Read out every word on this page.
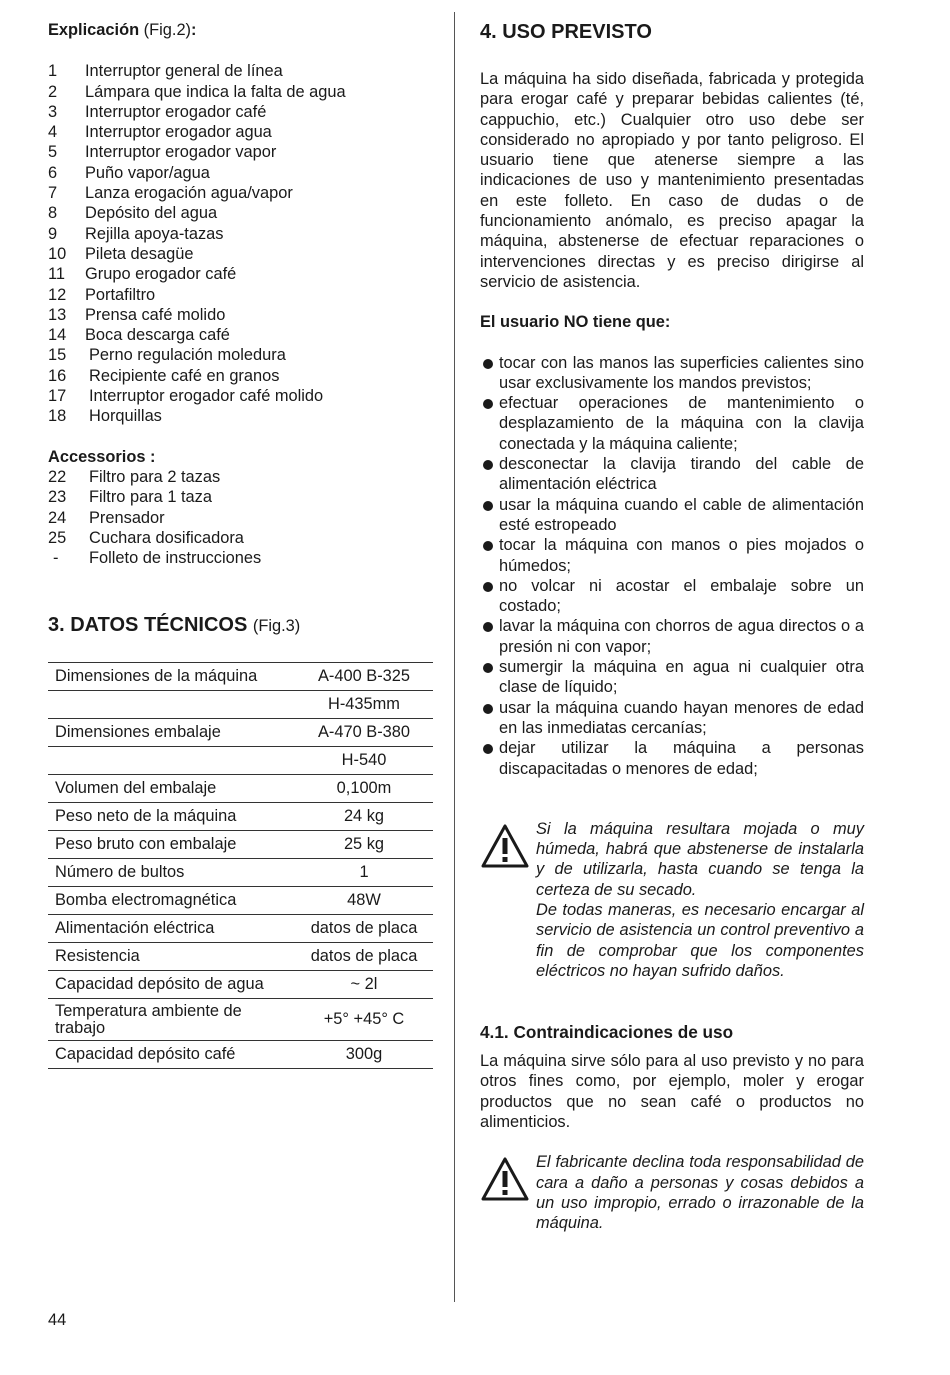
Explicación (Fig.2):

1	Interruptor general de línea
2	Lámpara que indica la falta de agua
3	Interruptor erogador café
4	Interruptor erogador agua
5	Interruptor erogador vapor
6	Puño vapor/agua
7	Lanza erogación agua/vapor
8	Depósito del agua
9	Rejilla apoya-tazas
10	Pileta desagüe
11	Grupo erogador café
12	Portafiltro
13	Prensa café molido
14	Boca descarga café
15	Perno regulación moledura
16	Recipiente café en granos
17	Interruptor erogador café molido
18	Horquillas
Accessorios :
22	Filtro para 2 tazas
23	Filtro para 1 taza
24	Prensador
25	Cuchara dosificadora
-	Folleto de instrucciones
3. DATOS TÉCNICOS (Fig.3)
Dimensiones de la máquina	A-400 B-325
	H-435mm
Dimensiones embalaje	A-470 B-380
	H-540
Volumen del embalaje	0,100m
Peso neto de la máquina	24 kg
Peso bruto con embalaje	25 kg
Número de bultos	1
Bomba electromagnética	48W
Alimentación eléctrica	datos de placa
Resistencia	datos de placa
Capacidad depósito de agua	~ 2l
Temperatura ambiente de trabajo	+5° +45° C
Capacidad depósito café	300g
4. USO PREVISTO

La máquina ha sido diseñada, fabricada y protegida para erogar café y preparar bebidas calientes (té, cappuchio, etc.) Cualquier otro uso debe ser considerado no apropiado y por tanto peligroso. El usuario tiene que atenerse siempre a las indicaciones de uso y mantenimiento presentadas en este folleto. En caso de dudas o de funcionamiento anómalo, es preciso apagar la máquina, abstenerse de efectuar reparaciones o intervenciones directas y es preciso dirigirse al servicio de asistencia.

El usuario NO tiene que:
tocar con las manos las superficies calientes sino usar exclusivamente los mandos previstos;
efectuar operaciones de mantenimiento o desplazamiento de la máquina con la clavija conectada y la máquina caliente;
desconectar la clavija tirando del cable de alimentación eléctrica
usar la máquina cuando el cable de alimentación esté estropeado
tocar la máquina con manos o pies mojados o húmedos;
no volcar ni acostar el embalaje sobre un costado;
lavar la máquina con chorros de agua directos o a presión ni con vapor;
sumergir la máquina en agua ni cualquier otra clase de líquido;
usar la máquina cuando hayan menores de edad en las inmediatas cercanías;
dejar utilizar la máquina a personas discapacitadas o menores de edad;
Si la máquina resultara mojada o muy húmeda, habrá que abstenerse de instalarla y de utilizarla, hasta cuando se tenga la certeza de su secado.
De todas maneras, es necesario encargar al servicio de asistencia un control preventivo a fin de comprobar que los componentes eléctricos no hayan sufrido daños.
4.1. Contraindicaciones de uso

La máquina sirve sólo para al uso previsto y no para otros fines como, por ejemplo, moler y erogar productos que no sean café o productos no alimenticios.

El fabricante declina toda responsabilidad de cara a daño a personas y cosas debidos a un uso impropio, errado o irrazonable de la máquina.
44
